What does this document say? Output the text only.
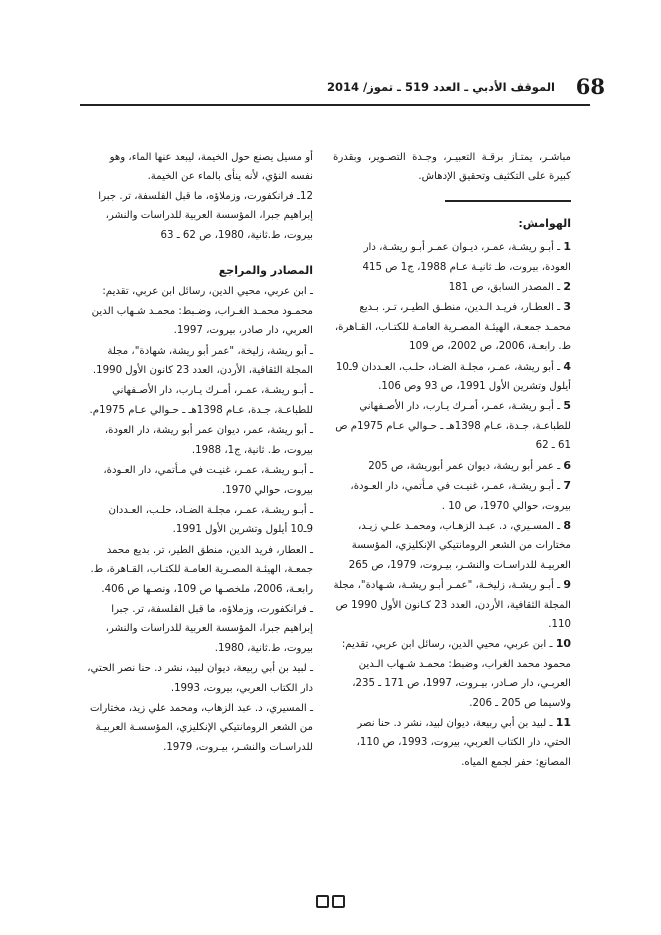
68
الموقف الأدبي ـ العدد 519 ـ تموز/ 2014

مباشـر، يمتـاز برقـة التعبيـر، وجـدة التصـوير، وبقدرة كبيرة على التكثيف وتحقيق الإدهاش.

الهوامش:

1 ـ أبـو ريشـة، عمـر، ديـوان عمـر أبـو ريشـة، دار العودة، بيروت، طـ ثانيـة عـام 1988، ج1 ص 415

2 ـ المصدر السابق، ص 181

3 ـ العطـار، فريـد الـدين، منطـق الطيـر، تـر. بـديع محمـد جمعـة، الهيئـة المصـرية العامـة للكتـاب، القـاهرة، ط. رابعـة، 2006، ص 2002، ص 109

4 ـ أبو ريشة، عمـر، مجلـة الضـاد، حلـب، العـددان 9ـ10 أيلول وتشرين الأول 1991، ص 93 وص 106.

5 ـ أبـو ريشـة، عمـر، أمـرك يـارب، دار الأصـفهاني للطباعـة، جـدة، عـام 1398هـ ـ حـوالي عـام 1975م ص 61 ـ 62

6 ـ عمر أبو ريشة، ديوان عمر أبوريشة، ص 205

7 ـ أبـو ريشـة، عمـر، غنيـت في مـأتمي، دار العـودة، بيروت، حوالي 1970، ص 10 .

8 ـ المسـيري، د. عبـد الزهـاب، ومحمـد علـي زيـد، مختارات من الشعر الرومانتيكي الإنكليزي، المؤسسة العربيـة للدراسـات والنشـر، بيـروت، 1979، ص 265

9 ـ أبـو ريشـة، زليخـة، "عمـر أبـو ريشـة، شـهادة"، مجلة المجلة الثقافية، الأردن، العدد 23 كـانون الأول 1990 ص 110.

10 ـ ابن عربي، محيي الدين، رسائل ابن عربي، تقديم: محمود محمد الغراب، وضبط: محمـد شـهاب الـدين العربـي، دار صـادر، بيـروت، 1997، ص 171 ـ 235، ولاسيما ص 205 ـ 206.

11 ـ لبيد بن أبي ربيعة، ديوان لبيد، نشر د. حنا نصر الحتي، دار الكتاب العربي، بيروت، 1993، ص 110، المصانع: حفر لجمع المياه.

أو مسيل يصنع حول الخيمة، ليبعد عنها الماء، وهو نفسه النؤي، لأنه ينأى بالماء عن الخيمة.

12ـ فرانكفورت، وزملاؤه، ما قبل الفلسفة، تر. جبرا إبراهيم جبرا، المؤسسة العربية للدراسات والنشر، بيروت، ط.ثانية، 1980، ص 62 ـ 63

المصادر والمراجع

ـ ابن عربي، محيي الدين، رسائل ابن عربي، تقديم: محمـود محمـد الغـراب، وضـبط: محمـد شـهاب الدين العربي، دار صادر، بيروت، 1997.

ـ أبو ريشة، زليخة، "عمر أبو ريشة، شهادة"، مجلة المجلة الثقافية، الأردن، العدد 23 كانون الأول 1990.

ـ أبـو ريشـة، عمـر، أمـرك يـارب، دار الأصـفهاني للطباعـة، جـدة، عـام 1398هـ ـ حـوالي عـام 1975م.

ـ أبو ريشة، عمر، ديوان عمر أبو ريشة، دار العودة، بيروت، ط. ثانية، ج1، 1988.

ـ أبـو ريشـة، عمـر، غنيـت في مـأتمي، دار العـودة، بيروت، حوالي 1970.

ـ أبـو ريشـة، عمـر، مجلـة الضـاد، حلـب، العـددان 9ـ10 أيلول وتشرين الأول 1991.

ـ العطار، فريد الدين، منطق الطير، تر. بديع محمد جمعـة، الهيئـة المصـرية العامـة للكتـاب، القـاهرة، ط. رابعـة، 2006، ملخصـها ص 109، ونصـها ص 406.

ـ فرانكفورت، وزملاؤه، ما قبل الفلسفة، تر. جبرا إبراهيم جبرا، المؤسسة العربية للدراسات والنشر، بيروت، ط.ثانية، 1980.

ـ لبيد بن أبي ربيعة، ديوان لبيد، نشر د. حنا نصر الحتي، دار الكتاب العربي، بيروت، 1993.

ـ المسيري، د. عبد الزهاب، ومحمد علي زيد، مختارات من الشعر الرومانتيكي الإنكليزي، المؤسسـة العربيـة للدراسـات والنشـر، بيـروت، 1979.
